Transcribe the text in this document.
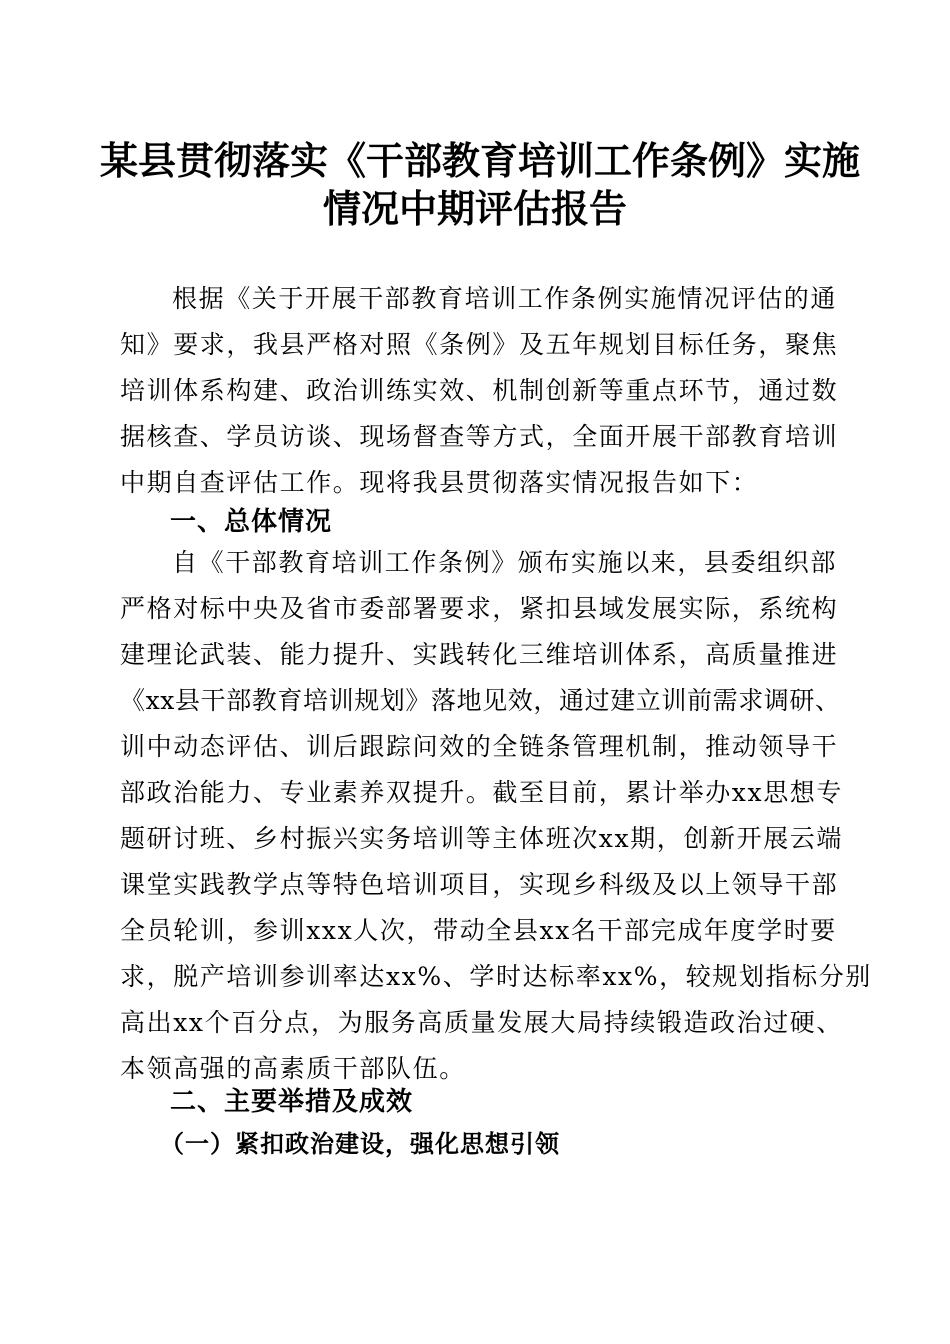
某县贯彻落实《干部教育培训工作条例》实施
情况中期评估报告

根据《关于开展干部教育培训工作条例实施情况评估的通
知》要求，我县严格对照《条例》及五年规划目标任务，聚焦
培训体系构建、政治训练实效、机制创新等重点环节，通过数
据核查、学员访谈、现场督查等方式，全面开展干部教育培训
中期自查评估工作。现将我县贯彻落实情况报告如下：

一、总体情况

自《干部教育培训工作条例》颁布实施以来，县委组织部
严格对标中央及省市委部署要求，紧扣县域发展实际，系统构
建理论武装、能力提升、实践转化三维培训体系，高质量推进
《xx县干部教育培训规划》落地见效，通过建立训前需求调研、
训中动态评估、训后跟踪问效的全链条管理机制，推动领导干
部政治能力、专业素养双提升。截至目前，累计举办xx思想专
题研讨班、乡村振兴实务培训等主体班次xx期，创新开展云端
课堂实践教学点等特色培训项目，实现乡科级及以上领导干部
全员轮训，参训xxx人次，带动全县xx名干部完成年度学时要
求，脱产培训参训率达xx%、学时达标率xx%，较规划指标分别
高出xx个百分点，为服务高质量发展大局持续锻造政治过硬、
本领高强的高素质干部队伍。

二、主要举措及成效
（一）紧扣政治建设，强化思想引领
